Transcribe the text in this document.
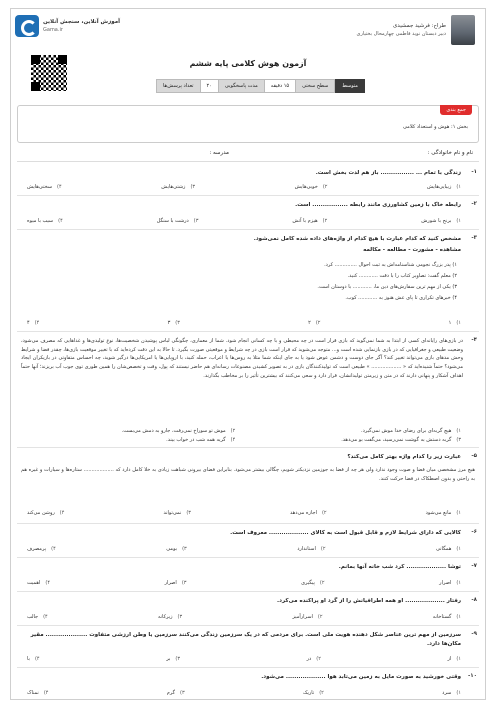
طراح: فرشید جمشیدی
دبیر دبستان نوید فاطمی چهارمحال بختیاری
آموزش آنلاین، سنجش آنلاین
Gama.ir
آزمون هوش کلامی پایه ششم
تعداد پرسش‌ها	۲۰	مدت پاسخگویی	۱۵ دقیقه	سطح سختی	متوسط
جمع بندی
بخش ۱: هوش و استعداد کلامی
نام و نام خانوادگی :
مدرسه :
۱-
زندگی با تمام ... ................ باز هم لذت بخش است.
۱)
زیبایی‌هایش
۲)
خوبی‌هایش
۳)
زشتی‌هایش
۴)
سختی‌هایش
۲-
رابطه خاک با زمین کشاورزی مانند رابطه ................. است.
۱)
برنج با شورش
۲)
هیزم با آتش
۳)
درشت با سنگل
۴)
سیب با میوه
۳-
مشخص کنید که کدام عبارت با هیچ کدام از واژه‌های داده شده کامل نمی‌شود.
مشاهده - مشورت - مطالعه - مکالمه
۱) پدر بزرگ نجومی شناسنامه‌اش به ثبت احوال .............. کرد.
۲) معلم گفت: تصاویر کتاب را با دقت ............ کنید.
۳) یکی از مهم ترین سفارش‌های دین ما، ............ با دوستان است.
۴) خبرهای تکراری تا پای عش هنوز به ............ کوب.
۱)
۱
۲)
۲
۳)
۳
۴)
۴
۴-
در بازی‌های رایانه‌ای کسی از ابتدا به شما نمی‌گوید که بازی قرار است در چه محیطی و با چه کسانی انجام شود. شما از معماری، چگونگی لباس پوشیدن شخصیت‌ها، نوع تولیدی‌ها و غذاهایی که مصرف می‌شود، وضعیت طبیعی و جغرافیایی که در بازی بازنمایی شده است و... متوجه می‌شوید که قرار است بازی در چه شرایط و موقعیتی صورت بگیرد. تا حالا به این دقت کرده‌اید که با تغییر موقعیت بازی‌ها، چقدر فضا و شرایط وحش مدهای بازی می‌تواند تغییر کند؟ آگر جای دوست و دشمن عوض شود یا به جای اینکه شما مثلا به روس‌ها یا اعراب، حمله کنید، با اروپایی‌ها یا امریکایی‌ها درگیر شوید، چه احساس متفاوتی در بازیکران ایجاد می‌شود؟ حتماً شنیده‌اید که « ................... » طبیعی است که تولیدکنندگان بازی در به تصویر کشیدن مصنوعات رسانه‌ای هم حاضر نیستند که پول، وقت و تخصص‌شان را همین طوری توی جوب آب بریزند؛ آنها حتماً اهداف آشکار و پنهانی دارند که در متن و زیرمتن تولیدانشان، قرار دارد و سعی می‌کنند که بیشترین تأثیر را بر مخاطب بگذارند.
۱)
هیچ گربه‌ای برای رضای خدا موش نمی‌گیرد.
۲)
موش تو سوراخ نمی‌رفت، جارو به دمش می‌بست.
۳)
گربه دستش به گوشت نمی‌رسید، می‌گفت بو می‌دهد.
۴)
گربه همه شب در خواب بیند.
۵-
عبارت زیر را کدام واژه بهتر کامل می‌کند؟
هیچ مرز مشخصی میان فضا و صوت وجود ندارد ولی هر چه از فضا به جوزمین نزدیکتر شویم، چگالی بیشتر می‌شود. بنابراین فضای بیرونی شباهت زیادی به خلا کامل دارد که ................... ستاره‌ها و سیارات و غیره هم به راحتی و بدون اصطکاک در فضا حرکت کنند.
۱)
مانع می‌شود
۲)
اجازه می‌دهد
۳)
نمی‌تواند
۴)
روشن می‌کند
۶-
کالایی که دارای شرایط لازم و قابل قبول است به کالای ................... معروف است.
۱)
همگانی
۲)
استاندارد
۳)
بومی
۴)
پرمصرف
۷-
توشا ................... کرد شب خانه آنها بمانم.
۱)
اصرار
۲)
پیگیری
۳)
اصرار
۴)
اهمیت
۸-
رفتار ................... او همه اطرافیانش را از گرد او پراکنده می‌کرد.
۱)
گستاخانه
۲)
اسرارآمیز
۳)
زیرکانه
۴)
جالب
۹-
سرزمین از مهم ترین عناصر شکل دهنده هویت ملی است. برای مردمی که در یک سرزمین زندگی می‌کنند سرزمین یا وطن ارزشی متفاوت .................... مقیر مکان‌ها دارد.
۱)
از
۲)
در
۳)
بر
۴)
با
۱۰-
وقتی خورشید به صورت مایل به زمین می‌تابد هوا ................... می‌شود.
۱)
سرد
۲)
تاریک
۳)
گرم
۴)
نمناک
